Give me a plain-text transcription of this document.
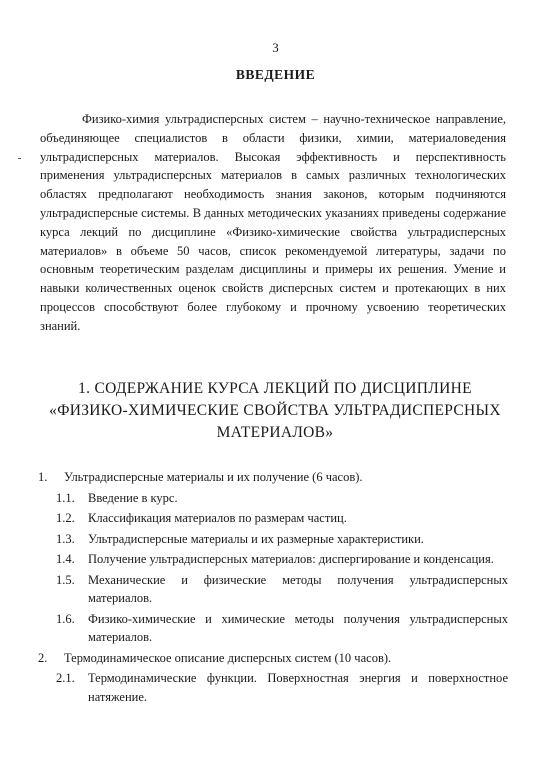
3
ВВЕДЕНИЕ
Физико-химия ультрадисперсных систем – научно-техническое направление, объединяющее специалистов в области физики, химии, материаловедения ультрадисперсных материалов. Высокая эффективность и перспективность применения ультрадисперсных материалов в самых различных технологических областях предполагают необходимость знания законов, которым подчиняются ультрадисперсные системы. В данных методических указаниях приведены содержание курса лекций по дисциплине «Физико-химические свойства ультрадисперсных материалов» в объеме 50 часов, список рекомендуемой литературы, задачи по основным теоретическим разделам дисциплины и примеры их решения. Умение и навыки количественных оценок свойств дисперсных систем и протекающих в них процессов способствуют более глубокому и прочному усвоению теоретических знаний.
1. СОДЕРЖАНИЕ КУРСА ЛЕКЦИЙ ПО ДИСЦИПЛИНЕ
«ФИЗИКО-ХИМИЧЕСКИЕ СВОЙСТВА УЛЬТРАДИСПЕРСНЫХ
МАТЕРИАЛОВ»
1.	Ультрадисперсные материалы и их получение (6 часов).
1.1.	Введение в курс.
1.2.	Классификация материалов по размерам частиц.
1.3.	Ультрадисперсные материалы и их размерные характеристики.
1.4.	Получение ультрадисперсных материалов: диспергирование и конденсация.
1.5.	Механические и физические методы получения ультрадисперсных материалов.
1.6.	Физико-химические и химические методы получения ультрадисперсных материалов.
2.	Термодинамическое описание дисперсных систем (10 часов).
2.1.	Термодинамические функции. Поверхностная энергия и поверхностное натяжение.
